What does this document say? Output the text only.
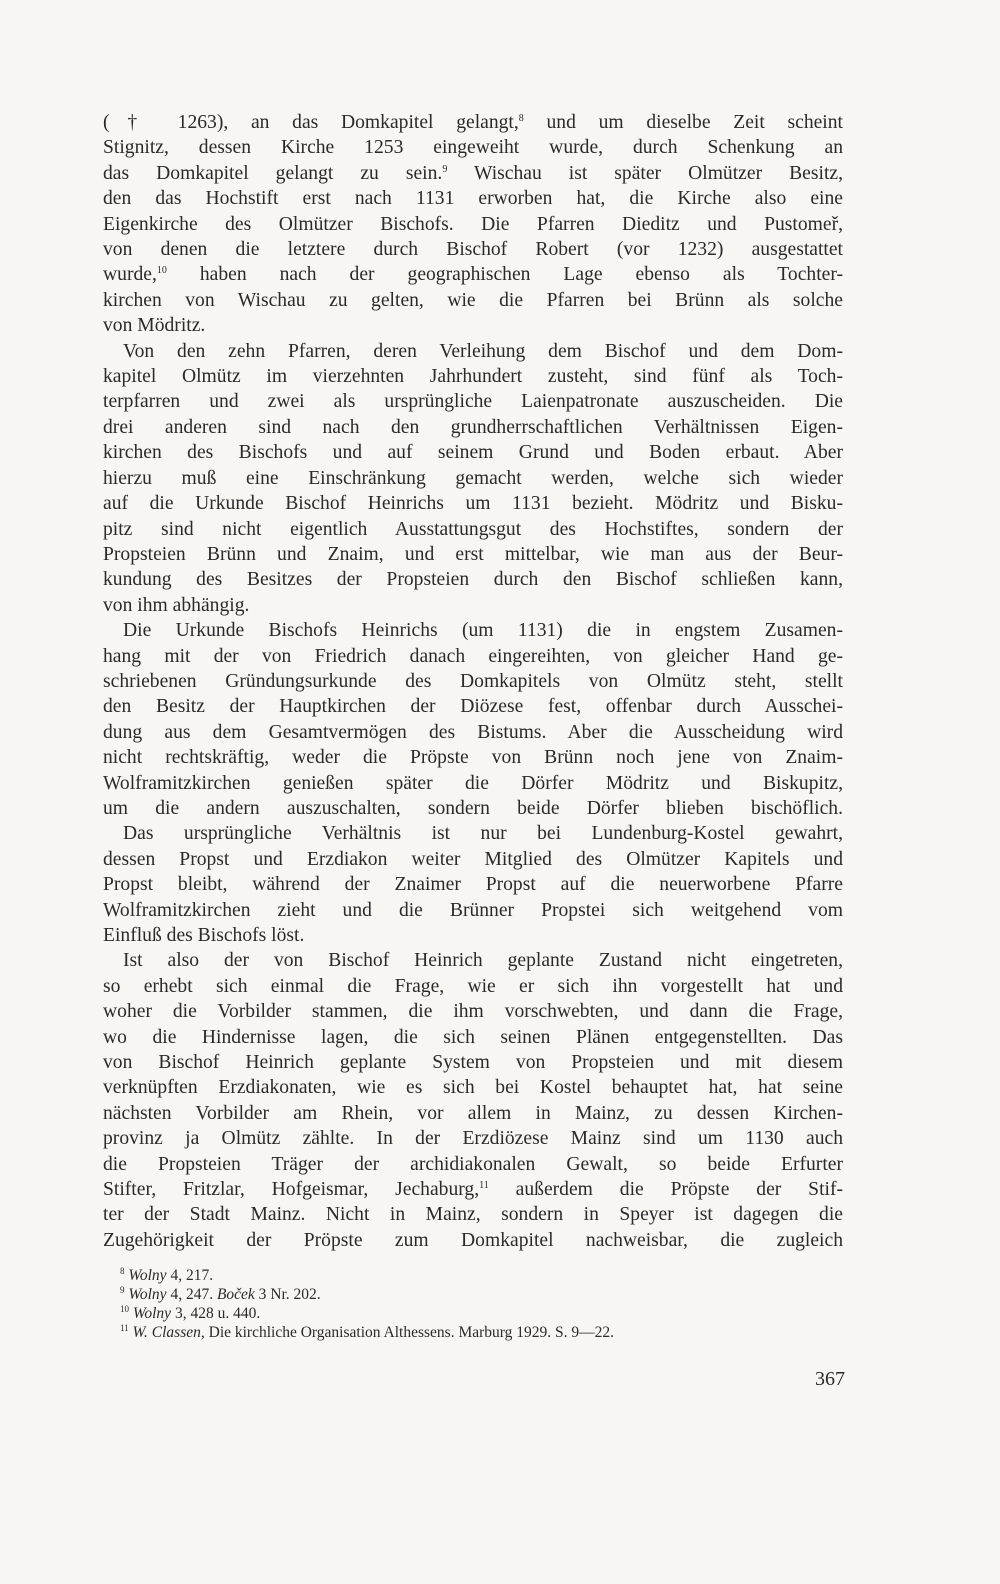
(† 1263), an das Domkapitel gelangt,$^8$ und um dieselbe Zeit scheint
Stignitz, dessen Kirche 1253 eingeweiht wurde, durch Schenkung an
das Domkapitel gelangt zu sein.$^9$ Wischau ist später Olmützer Besitz,
den das Hochstift erst nach 1131 erworben hat, die Kirche also eine
Eigenkirche des Olmützer Bischofs. Die Pfarren Dieditz und Pustomeř,
von denen die letztere durch Bischof Robert (vor 1232) ausgestattet
wurde,$^{10}$ haben nach der geographischen Lage ebenso als Tochter-
kirchen von Wischau zu gelten, wie die Pfarren bei Brünn als solche
von Mödritz.
Von den zehn Pfarren, deren Verleihung dem Bischof und dem Dom-
kapitel Olmütz im vierzehnten Jahrhundert zusteht, sind fünf als Toch-
terpfarren und zwei als ursprüngliche Laienpatronate auszuscheiden. Die
drei anderen sind nach den grundherrschaftlichen Verhältnissen Eigen-
kirchen des Bischofs und auf seinem Grund und Boden erbaut. Aber
hierzu muß eine Einschränkung gemacht werden, welche sich wieder
auf die Urkunde Bischof Heinrichs um 1131 bezieht. Mödritz und Bisku-
pitz sind nicht eigentlich Ausstattungsgut des Hochstiftes, sondern der
Propsteien Brünn und Znaim, und erst mittelbar, wie man aus der Beur-
kundung des Besitzes der Propsteien durch den Bischof schließen kann,
von ihm abhängig.
Die Urkunde Bischofs Heinrichs (um 1131) die in engstem Zusamen-
hang mit der von Friedrich danach eingereihten, von gleicher Hand ge-
schriebenen Gründungsurkunde des Domkapitels von Olmütz steht, stellt
den Besitz der Hauptkirchen der Diözese fest, offenbar durch Ausschei-
dung aus dem Gesamtvermögen des Bistums. Aber die Ausscheidung wird
nicht rechtskräftig, weder die Pröpste von Brünn noch jene von Znaim-
Wolframitzkirchen genießen später die Dörfer Mödritz und Biskupitz,
um die andern auszuschalten, sondern beide Dörfer blieben bischöflich.
Das ursprüngliche Verhältnis ist nur bei Lundenburg-Kostel gewahrt,
dessen Propst und Erzdiakon weiter Mitglied des Olmützer Kapitels und
Propst bleibt, während der Znaimer Propst auf die neuerworbene Pfarre
Wolframitzkirchen zieht und die Brünner Propstei sich weitgehend vom
Einfluß des Bischofs löst.
Ist also der von Bischof Heinrich geplante Zustand nicht eingetreten,
so erhebt sich einmal die Frage, wie er sich ihn vorgestellt hat und
woher die Vorbilder stammen, die ihm vorschwebten, und dann die Frage,
wo die Hindernisse lagen, die sich seinen Plänen entgegenstellten. Das
von Bischof Heinrich geplante System von Propsteien und mit diesem
verknüpften Erzdiakonaten, wie es sich bei Kostel behauptet hat, hat seine
nächsten Vorbilder am Rhein, vor allem in Mainz, zu dessen Kirchen-
provinz ja Olmütz zählte. In der Erzdiözese Mainz sind um 1130 auch
die Propsteien Träger der archidiakonalen Gewalt, so beide Erfurter
Stifter, Fritzlar, Hofgeismar, Jechaburg,$^{11}$ außerdem die Pröpste der Stif-
ter der Stadt Mainz. Nicht in Mainz, sondern in Speyer ist dagegen die
Zugehörigkeit der Pröpste zum Domkapitel nachweisbar, die zugleich
$^8$ Wolny 4, 217.
$^9$ Wolny 4, 247. Boček 3 Nr. 202.
$^{10}$ Wolny 3, 428 u. 440.
$^{11}$ W. Classen, Die kirchliche Organisation Althessens. Marburg 1929. S. 9—22.
367
